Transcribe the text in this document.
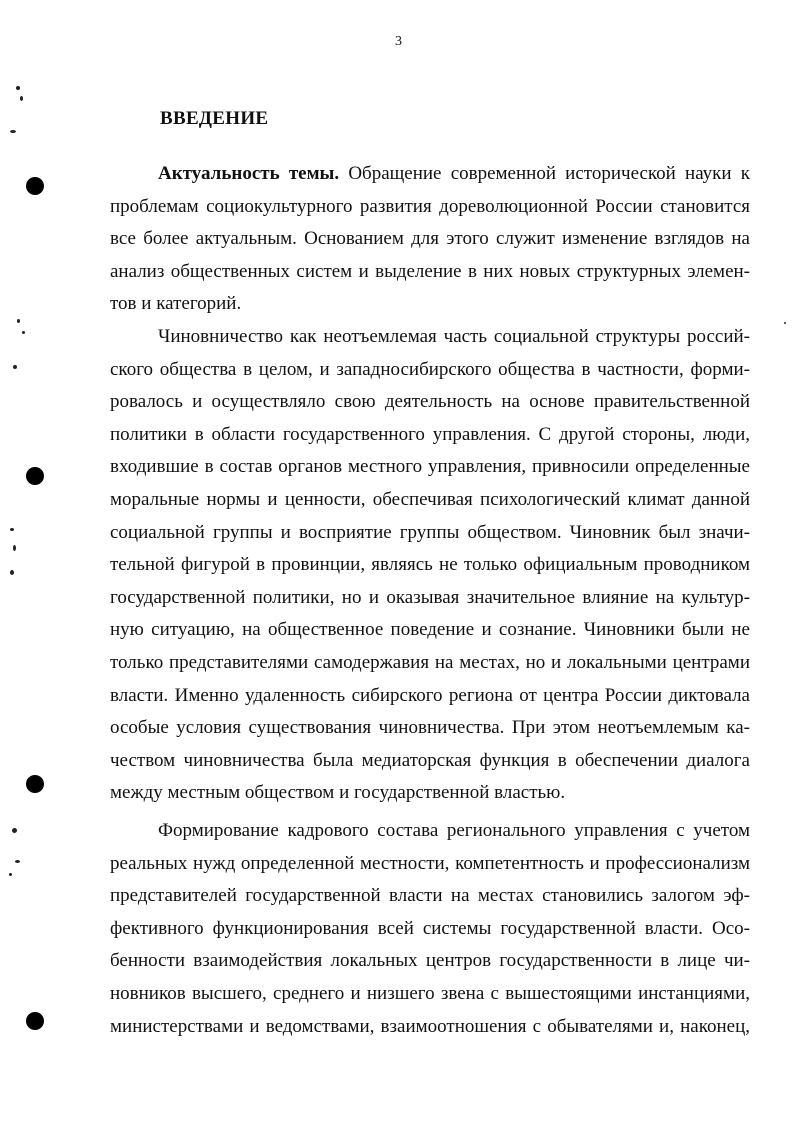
3
ВВЕДЕНИЕ
Актуальность темы. Обращение современной исторической науки к
проблемам социокультурного развития дореволюционной России становится
все более актуальным. Основанием для этого служит изменение взглядов на
анализ общественных систем и выделение в них новых структурных элемен-
тов и категорий.
Чиновничество как неотъемлемая часть социальной структуры россий-
ского общества в целом, и западносибирского общества в частности, форми-
ровалось и осуществляло свою деятельность на основе правительственной
политики в области государственного управления. С другой стороны, люди,
входившие в состав органов местного управления, привносили определенные
моральные нормы и ценности, обеспечивая психологический климат данной
социальной группы и восприятие группы обществом. Чиновник был значи-
тельной фигурой в провинции, являясь не только официальным проводником
государственной политики, но и оказывая значительное влияние на культур-
ную ситуацию, на общественное поведение и сознание. Чиновники были не
только представителями самодержавия на местах, но и локальными центрами
власти. Именно удаленность сибирского региона от центра России диктовала
особые условия существования чиновничества. При этом неотъемлемым ка-
чеством чиновничества была медиаторская функция в обеспечении диалога
между местным обществом и государственной властью.
Формирование кадрового состава регионального управления с учетом
реальных нужд определенной местности, компетентность и профессионализм
представителей государственной власти на местах становились залогом эф-
фективного функционирования всей системы государственной власти. Осо-
бенности взаимодействия локальных центров государственности в лице чи-
новников высшего, среднего и низшего звена с вышестоящими инстанциями,
министерствами и ведомствами, взаимоотношения с обывателями и, наконец,
